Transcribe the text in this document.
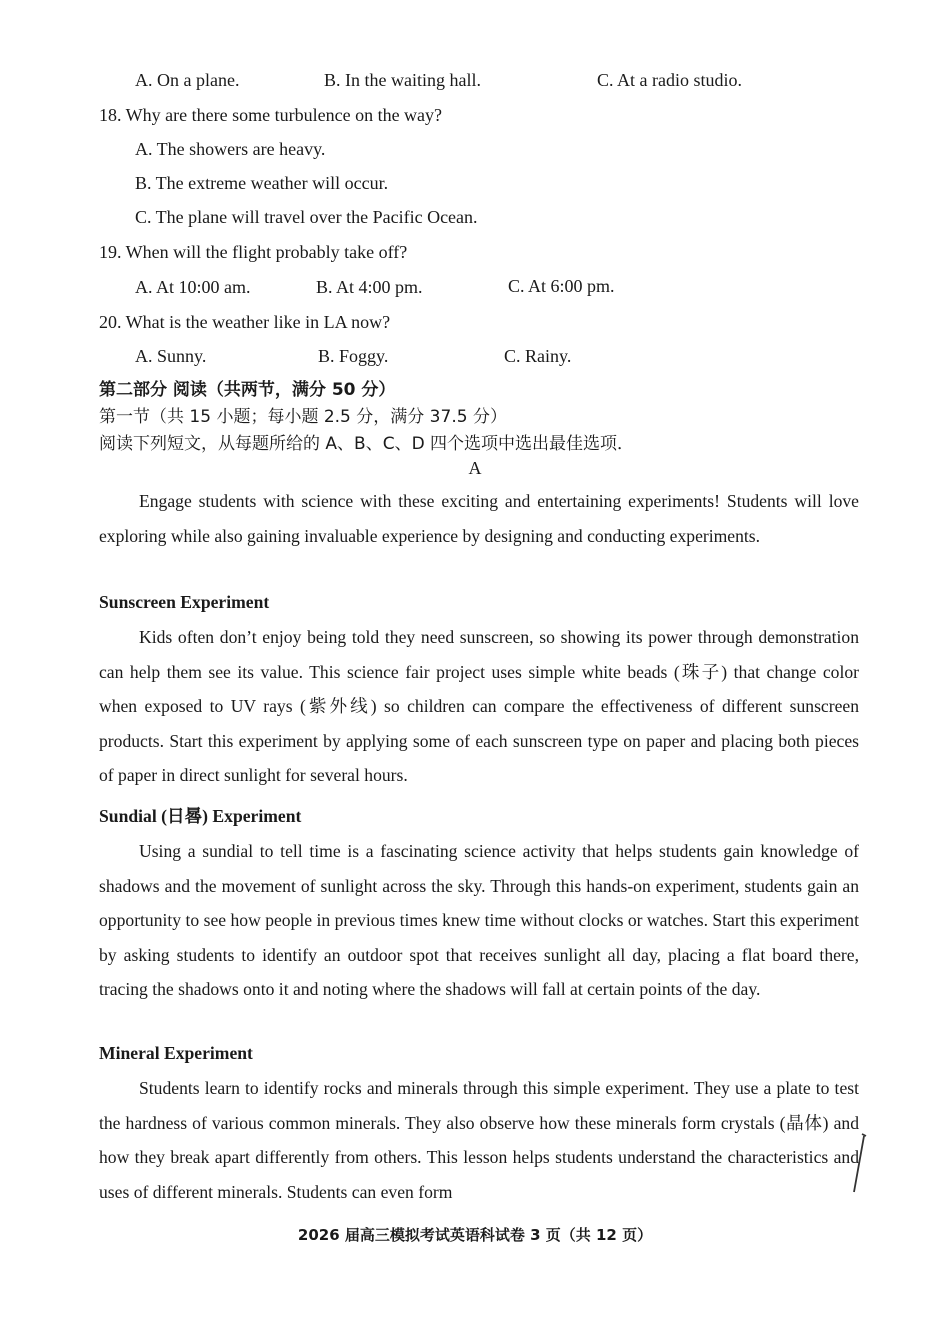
A. On a plane.	B. In the waiting hall.	C. At a radio studio.
18. Why are there some turbulence on the way?
A. The showers are heavy.
B. The extreme weather will occur.
C. The plane will travel over the Pacific Ocean.
19. When will the flight probably take off?
A. At 10:00 am.	B. At 4:00 pm.	C. At 6:00 pm.
20. What is the weather like in LA now?
A. Sunny.	B. Foggy.	C. Rainy.
第二部分 阅读（共两节，满分 50 分）
第一节（共 15 小题；每小题 2.5 分，满分 37.5 分）
阅读下列短文，从每题所给的 A、B、C、D 四个选项中选出最佳选项．
A
Engage students with science with these exciting and entertaining experiments! Students will love exploring while also gaining invaluable experience by designing and conducting experiments.
Sunscreen Experiment
Kids often don’t enjoy being told they need sunscreen, so showing its power through demonstration can help them see its value. This science fair project uses simple white beads (珠子) that change color when exposed to UV rays (紫外线) so children can compare the effectiveness of different sunscreen products. Start this experiment by applying some of each sunscreen type on paper and placing both pieces of paper in direct sunlight for several hours.
Sundial (日晷) Experiment
Using a sundial to tell time is a fascinating science activity that helps students gain knowledge of shadows and the movement of sunlight across the sky. Through this hands-on experiment, students gain an opportunity to see how people in previous times knew time without clocks or watches. Start this experiment by asking students to identify an outdoor spot that receives sunlight all day, placing a flat board there, tracing the shadows onto it and noting where the shadows will fall at certain points of the day.
Mineral Experiment
Students learn to identify rocks and minerals through this simple experiment. They use a plate to test the hardness of various common minerals. They also observe how these minerals form crystals (晶体) and how they break apart differently from others. This lesson helps students understand the characteristics and uses of different minerals. Students can even form
2026 届高三模拟考试英语科试卷 3 页（共 12 页）
